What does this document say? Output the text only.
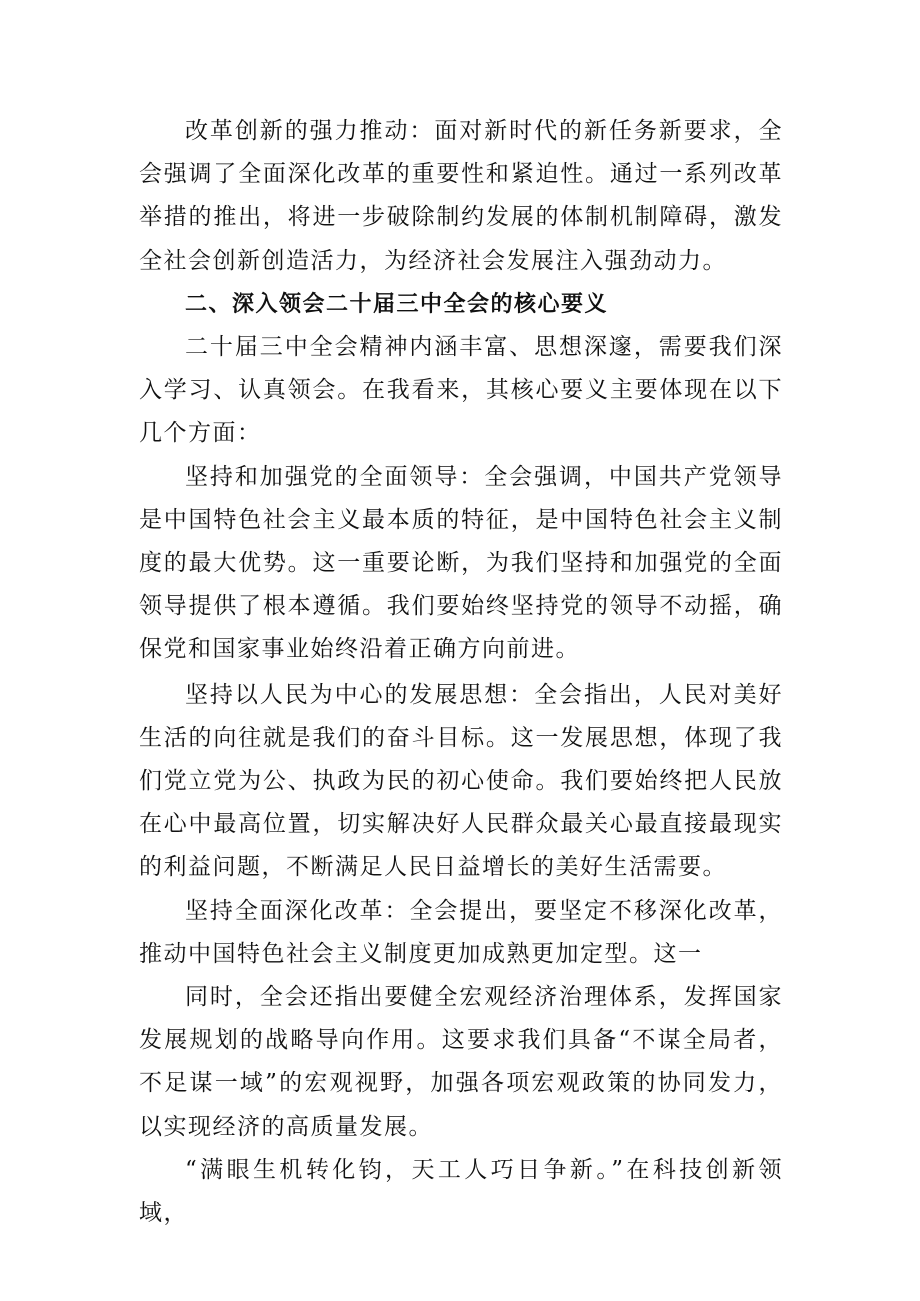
改革创新的强力推动：面对新时代的新任务新要求，全会强调了全面深化改革的重要性和紧迫性。通过一系列改革举措的推出，将进一步破除制约发展的体制机制障碍，激发全社会创新创造活力，为经济社会发展注入强劲动力。

二、深入领会二十届三中全会的核心要义

二十届三中全会精神内涵丰富、思想深邃，需要我们深入学习、认真领会。在我看来，其核心要义主要体现在以下几个方面：

坚持和加强党的全面领导：全会强调，中国共产党领导是中国特色社会主义最本质的特征，是中国特色社会主义制度的最大优势。这一重要论断，为我们坚持和加强党的全面领导提供了根本遵循。我们要始终坚持党的领导不动摇，确保党和国家事业始终沿着正确方向前进。

坚持以人民为中心的发展思想：全会指出，人民对美好生活的向往就是我们的奋斗目标。这一发展思想，体现了我们党立党为公、执政为民的初心使命。我们要始终把人民放在心中最高位置，切实解决好人民群众最关心最直接最现实的利益问题，不断满足人民日益增长的美好生活需要。

坚持全面深化改革：全会提出，要坚定不移深化改革，推动中国特色社会主义制度更加成熟更加定型。这一

同时，全会还指出要健全宏观经济治理体系，发挥国家发展规划的战略导向作用。这要求我们具备“不谋全局者，不足谋一域”的宏观视野，加强各项宏观政策的协同发力，以实现经济的高质量发展。

“满眼生机转化钧，天工人巧日争新。”在科技创新领域，
